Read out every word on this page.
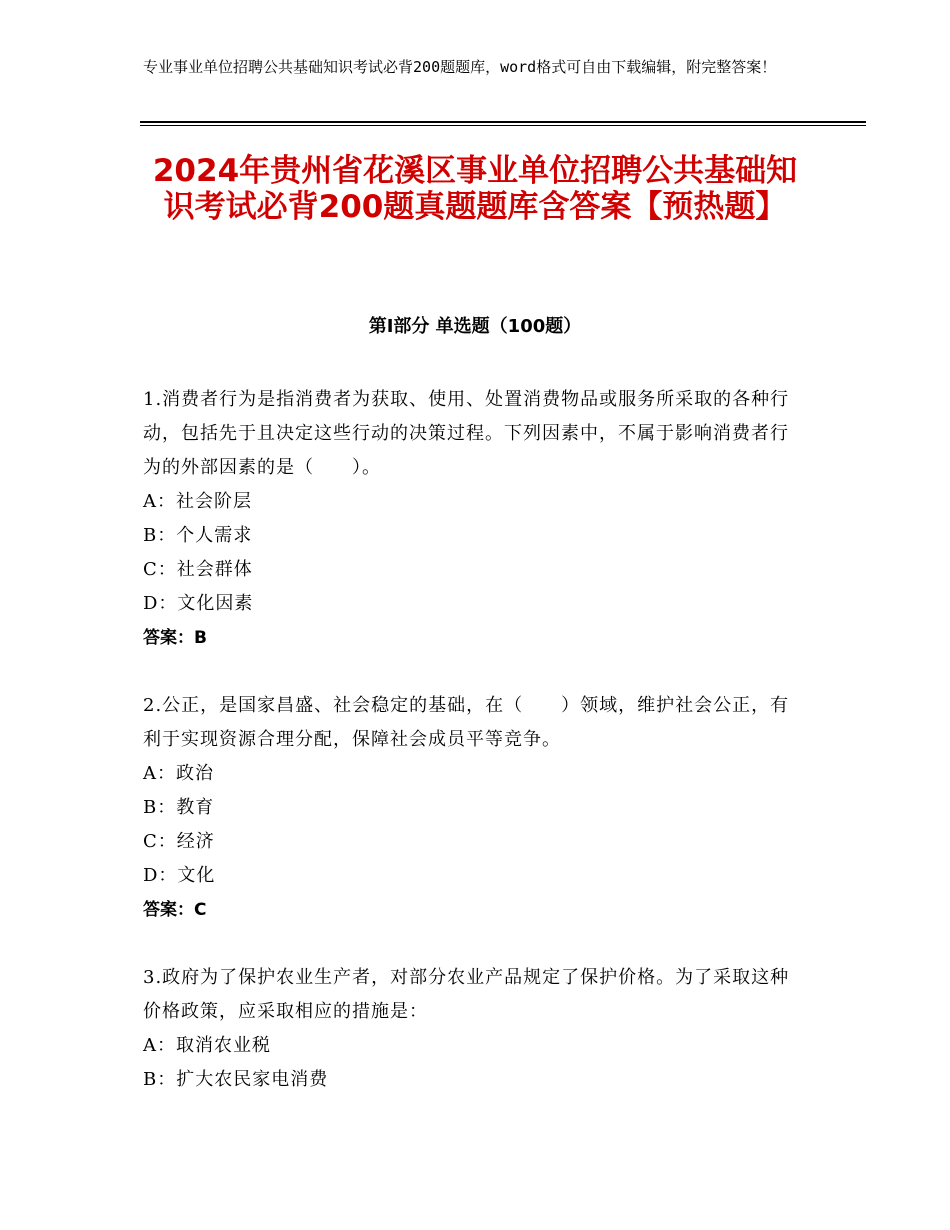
专业事业单位招聘公共基础知识考试必背200题题库，word格式可自由下载编辑，附完整答案！
2024年贵州省花溪区事业单位招聘公共基础知识考试必背200题真题题库含答案【预热题】
第Ⅰ部分 单选题（100题）
1.消费者行为是指消费者为获取、使用、处置消费物品或服务所采取的各种行动，包括先于且决定这些行动的决策过程。下列因素中，不属于影响消费者行为的外部因素的是（　　）。
A：社会阶层
B：个人需求
C：社会群体
D：文化因素
答案：B
2.公正，是国家昌盛、社会稳定的基础，在（　　）领域，维护社会公正，有利于实现资源合理分配，保障社会成员平等竞争。
A：政治
B：教育
C：经济
D：文化
答案：C
3.政府为了保护农业生产者，对部分农业产品规定了保护价格。为了采取这种价格政策，应采取相应的措施是：
A：取消农业税
B：扩大农民家电消费
